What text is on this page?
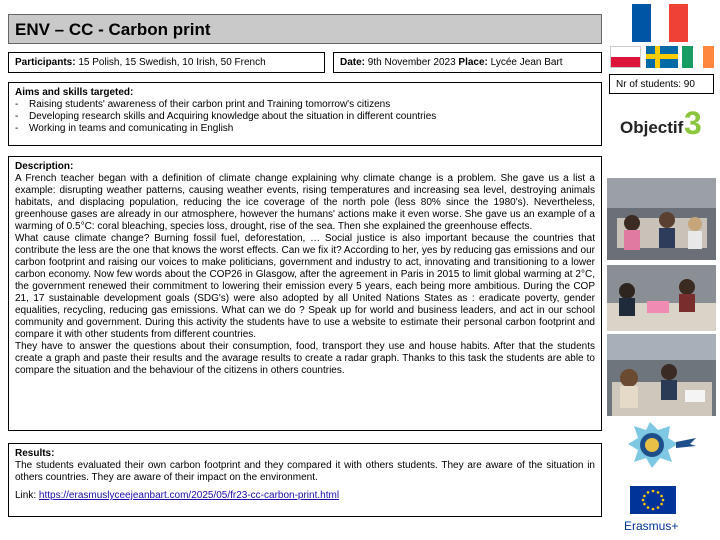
ENV – CC - Carbon print
Participants: 15 Polish, 15 Swedish, 10 Irish, 50 French	Date: 9th November 2023 Place: Lycée Jean Bart
Nr of students: 90
Objectif 3
Aims and skills targeted:
- Raising students' awareness of their carbon print and Training tomorrow's citizens
- Developing research skills and Acquiring knowledge about the situation in different countries
- Working in teams and comunicating in English
Description:

A French teacher began with a definition of climate change explaining why climate change is a problem. She gave us a list a example: disrupting weather patterns, causing weather events, rising temperatures and increasing sea level, destroying animals habitats, and displacing population, reducing the ice coverage of the north pole (less 80% since the 1980's). Nevertheless, greenhouse gases are already in our atmosphere, however the humans' actions make it even worse. She gave us an example of a warming of 0.5°C: coral bleaching, species loss, drought, rise of the sea. Then she explained the greenhouse effects.

What cause climate change? Burning fossil fuel, deforestation, … Social justice is also important because the countries that contribute the less are the one that knows the worst effects. Can we fix it? According to her, yes by reducing gas emissions and our carbon footprint and raising our voices to make politicians, government and industry to act, innovating and transitioning to a lower carbon economy. Now few words about the COP26 in Glasgow, after the agreement in Paris in 2015 to limit global warming at 2°C, the government renewed their commitment to lowering their emission every 5 years, each being more ambitious. During the COP 21, 17 sustainable development goals (SDG's) were also adopted by all United Nations States as : eradicate poverty, gender equalities, recycling, reducing gas emissions. What can we do ? Speak up for world and business leaders, and act in our school community and government. During this activity the students have to use a website to estimate their personal carbon footprint and compare it with other students from different countries.

They have to answer the questions about their consumption, food, transport they use and house habits. After that the students create a graph and paste their results and the avarage results to create a radar graph. Thanks to this task the students are able to compare the situation and the behaviour of the citizens in others countries.

Results:

The students evaluated their own carbon footprint and they compared it with others students. They are aware of the situation in others countries. They are aware of their impact on the environment.

Link: https://erasmuslyceejeanbart.com/2025/05/fr23-cc-carbon-print.html

Erasmus+
